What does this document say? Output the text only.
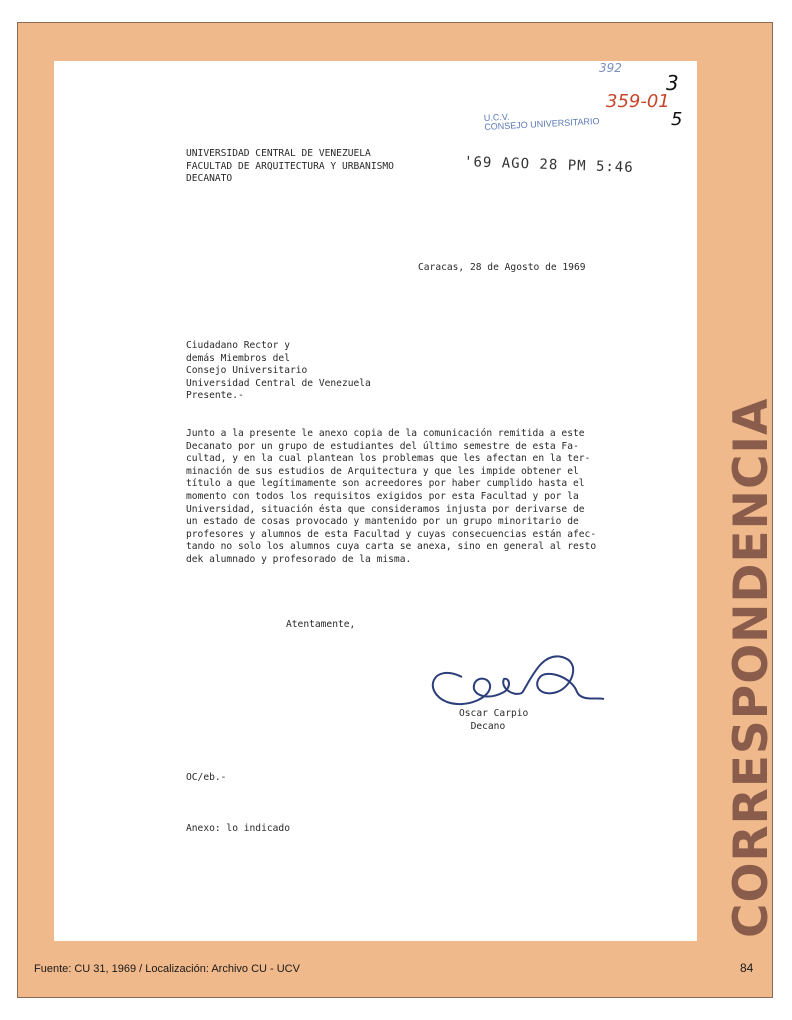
392
3
359-01
5
U.C.V.
CONSEJO UNIVERSITARIO
UNIVERSIDAD CENTRAL DE VENEZUELA
FACULTAD DE ARQUITECTURA Y URBANISMO
DECANATO
'69 AGO 28 PM 5:46
Caracas, 28 de Agosto de 1969
Ciudadano Rector y
demás Miembros del
Consejo Universitario
Universidad Central de Venezuela
Presente.-
Junto a la presente le anexo copia de la comunicación remitida a este
Decanato por un grupo de estudiantes del último semestre de esta Fa-
cultad, y en la cual plantean los problemas que les afectan en la ter-
minación de sus estudios de Arquitectura y que les impide obtener el
título a que legítimamente son acreedores por haber cumplido hasta el
momento con todos los requisitos exigidos por esta Facultad y por la
Universidad, situación ésta que consideramos injusta por derivarse de
un estado de cosas provocado y mantenido por un grupo minoritario de
profesores y alumnos de esta Facultad y cuyas consecuencias están afec-
tando no solo los alumnos cuya carta se anexa, sino en general al resto
dek alumnado y profesorado de la misma.
Atentamente,
Oscar Carpio
Decano
OC/eb.-
Anexo: lo indicado	CORRESPONDENCIA
Fuente: CU 31, 1969 / Localización: Archivo CU - UCV	84
